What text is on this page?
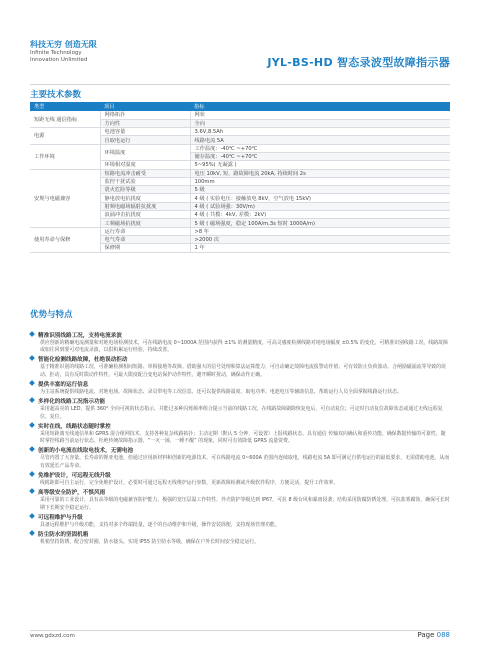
科技无穷 创造无限
Infinite Technology
Innovation Unlimited	JYL-BS-HD 智态录波型故障指示器
主要技术参数
类型	项目	指标
短距无线 通信指标	网络拓扑	网状
	方向性	全向
电源	电池容量	3.6V,8.5Ah
	自取电运行	线路电流 5A
工作环境	环境温度	工作温度：-40℃ ~+70℃
		储存温度：-40℃ ~+70℃
	环境相对湿度	5~95%( 无凝露 )
安规与电磁兼容	短路电流冲击耐受	电压 10kV, 短、路故障电流 20kA, 持续时间 2s
	监控干扰试验	100mm
	震火危险等级	5 级
	静电放电抗扰度	4 级 ( 实验电压：接触放电 8kV，空气放电 15kV)
	射频电磁场辐射抗扰度	4 级 ( 试验场强：30V/m)
	浪涌冲击抗扰度	4 级 ( 共模：4kV, 差模：2kV)
	工频磁场抗扰度	5 级 ( 磁场强度，稳定 100A/m,3s 短时 1000A/m)
使用寿命与保修	运行寿命	>8 年
	电气寿命	>2000 次
	保修期	1 年
优势与特点
精准识别线路工况，支持电流录波
供应创新的精确电流测量和对地电场检测技术，可在线路电流 0~1000A 范围内获得 ±1% 的测量精度，可高灵感度检测线路对地电场幅度 ±0.5% 的变化，可精准识别线路工况，线路故障或如往回到要可对电流录波，以供积累运行经验，持续改善。
智能化检测线路故障，杜绝误动拒动
基于精准识别的线路工况，可准确检测相间短路、单相接地等故障。借助强大的信号处理和算法运算能力，可自动确定故障电流报警动作值；可有效防止负荷波动、合闸励磁涌流等导致的误动、拒动，具有反时限动作特性，可最大限度配合变电站保护动作特性，避开瞬时扰动，确保动作正确。
提供丰富的运行信息
为主站系统提供线路电流、对地电场、故障状态、录员带电等工况信息，还可以提供线路温度、取电功率、电池电压等辅助信息，帮助运行人员全面掌握线路运行状态。
多样化的线路工况指示功能
采用超高亮的 LED，提供 360° 全向可视的状态指示，并能过多种闪烁频率组合提示当前的线路工况，在线路故障刷除恢复电后，可自动复位；可定时自动复位故障状态或通过无线远程复位、复位。
实时在线，线路状态随时掌控
采用短距离无线通信单和 GPRS 混合组网技术，支持各种复杂线路拓扑；主动定期（默认 5 分钟，可设置）上报线路状态，具有通信 传输双向确认和重传功能，确保数据传输的可靠性，随时掌控线路当前运行状态，杜绝传统故障指示器，“一灭一闹，一睡不醒” 的现象，同时可有效降低 GPRS 流量资费。
创新的小电流在线取电技术，无需电池
尽管内置了大容量、长寿命的锂亚电池，但通过应用新材料和创新的电源技术，可在线路电流 0~600A 范围内连续取电，线路电流 5A 即可满足自供电运行的最低要求，无需借助电池，从而有效延长产品寿命。
免维护设计，可远程无线升级
线缆距即可自主运行，完全免维护设计，必要时可通过远程无线维护运行参数，更新故障检测或升级软件程序，方便灵活，提升工作效率。
高等级安全防护，不惧风雨
采用可靠的工业设计，具有高等级的电磁兼容防护能力，极强的宽压层温工作特性，外壳防护等级达到 IP67，可抗 8 级台风和暴雨侵袭；结构采用防腐防锈处理，可抗盐雾腐蚀，确保可长时期下长期安全稳定运行。
可远程维护与升级
具备远程维护与升级功能，支持对多个终端批量、逐个的自动维护和升级，操作安装简便，支持现场管理功能。
防尘防水的坚固机箱
机箱坚持防锈，配合密封圈，防水接头，实现 IP55 防尘防水等级，确保在户外长时间安全稳定运行。
www.gdxzd.com	Page 088
